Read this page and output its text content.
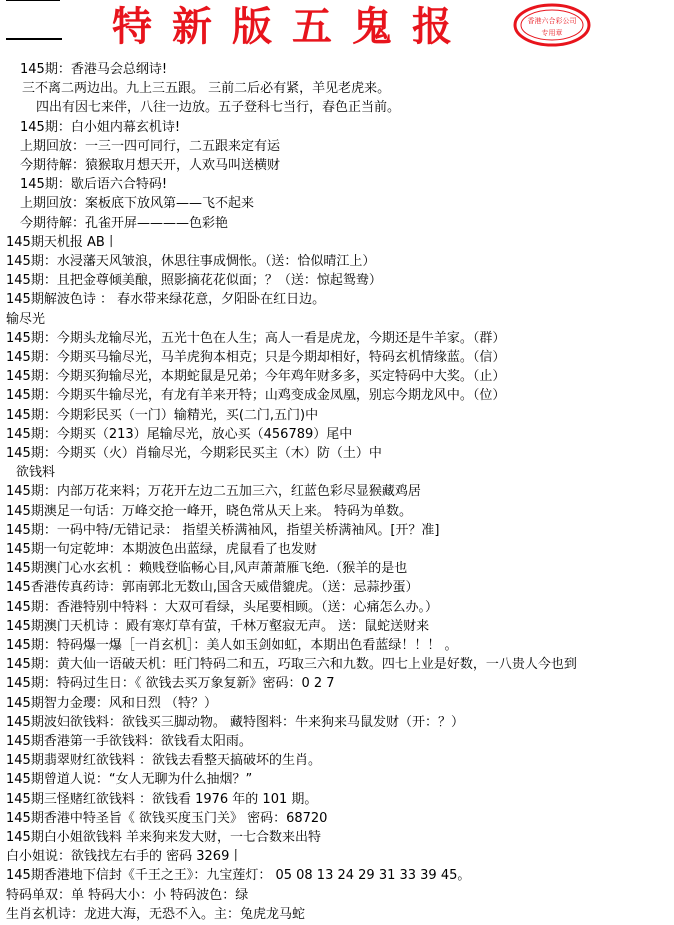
特新版五鬼报	香港六合彩公司
专用章
145期：香港马会总纲诗!
三不离二两边出。九上三五跟。 三前二后必有紧，羊见老虎来。
四出有因七来伴，八往一边放。五子登科七当行，春色正当前。
145期：白小姐内幕玄机诗!
上期回放：一三一四可同行，二五跟来定有运
今期待解：猿猴取月想天开，人欢马叫送横财
145期：歇后语六合特码!
上期回放：案板底下放风第——飞不起来
今期待解：孔雀开屏————色彩艳
145期天机报 AB丨
145期：水浸藩天风皱浪，休思往事成惆怅。（送：恰似晴江上）
145期：且把金尊倾美酿，照影摘花花似面；？（送：惊起鸳鸯）
145期解波色诗 ： 春水带来绿花意，夕阳卧在红日边。
输尽光
145期：今期头龙输尽光，五光十色在人生；高人一看是虎龙，今期还是牛羊家。（群）
145期：今期买马输尽光，马羊虎狗本相克；只是今期却相好，特码玄机情缘蓝。（信）
145期：今期买狗输尽光，本期蛇鼠是兄弟；今年鸡年财多多，买定特码中大奖。（止）
145期：今期买牛输尽光，有龙有羊来开特；山鸡变成金凤凰，别忘今期龙风中。（位）
145期：今期彩民买（一门）输精光，买(二门,五门)中
145期：今期买（213）尾输尽光，放心买（456789）尾中
145期：今期买（火）肖输尽光，今期彩民买主（木）防（土）中
欲钱料
145期：内部万花来料；万花开左边二五加三六，红蓝色彩尽显猴藏鸡居
145期澳足一句话：万峰交抢一峰开，晓色常从天上来。 特码为单数。
145期：一码中特/无错记录： 指望关桥满袖风，指望关桥满袖风。[开？准]
145期一句定乾坤：本期波色出蓝绿，虎鼠看了也发财
145期澳门心水玄机 ：赖贱登临畅心目,风声萧萧雁飞绝.（猴羊的是也
145香港传真药诗：郭南郭北无数山,国含天威借貔虎。（送：忌蒜抄蛋）
145期：香港特别中特料 ：大双可看绿，头尾要相顾。（送：心痛怎么办。）
145期澳门天机诗 ：殿有寒灯草有萤，千林万壑寂无声。 送：鼠蛇送财来
145期：特码爆一爆［一肖玄机］：美人如玉剑如虹，本期出色看蓝绿！！！ 。
145期：黄大仙一语破天机：旺门特码二和五，巧取三六和九数。四七上业是好数，一八贵人今也到
145期：特码过生日：《 欲钱去买万象复新》密码：0 2 7
145期智力金璎：风和日烈 （特？）
145期波妇欲钱料：欲钱买三脚动物。 藏特图料：牛来狗来马鼠发财（开：？）
145期香港第一手欲钱料：欲钱看太阳雨。
145期翡翠财红欲钱料 ：欲钱去看整天搞破坏的生肖。
145期曾道人说：“女人无聊为什么抽烟？”
145期三怪赌红欲钱料 ：欲钱看 1976 年的 101 期。
145期香港中特圣旨《 欲钱买度玉门关》 密码：68720
145期白小姐欲钱料 羊来狗来发大财，一七合数来出特
白小姐说：欲钱找左右手的 密码 3269丨
145期香港地下信封《千王之王》：九宝莲灯： 05 08 13 24 29 31 33 39 45。
特码单双：单 特码大小：小 特码波色：绿
生肖玄机诗：龙进大海，无恐不入。主：兔虎龙马蛇
